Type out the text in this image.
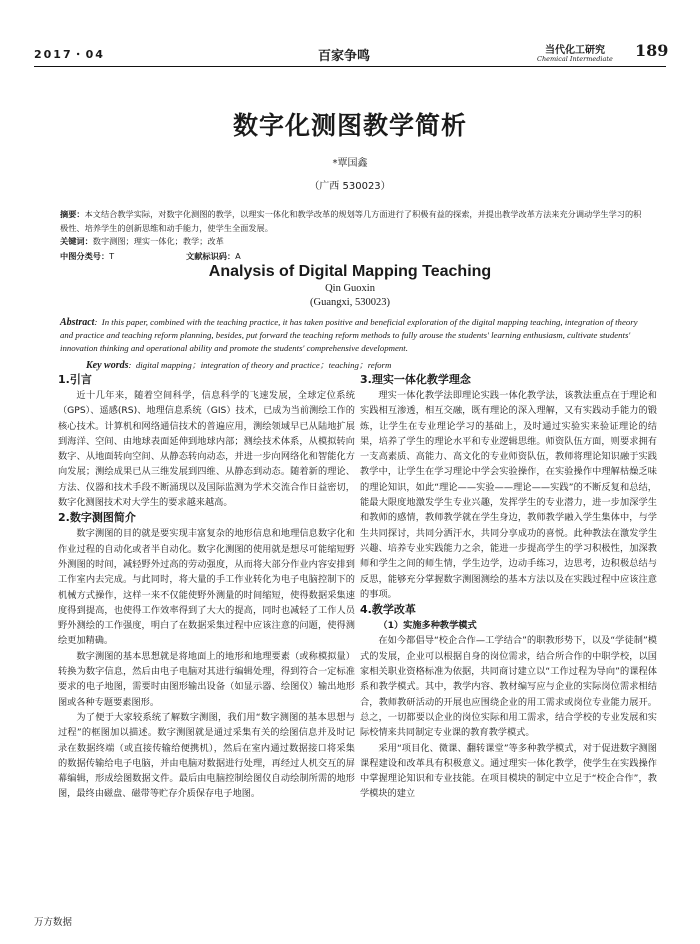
2017・04	百家争鸣	当代化工研究
Chemical Intermediate 189
数字化测图教学简析
*覃国鑫
（广西 530023）
摘要：本文结合教学实际，对数字化测图的教学，以理实一体化和教学改革的规划等几方面进行了积极有益的探索，并提出教学改革方法来充分调动学生学习的积极性、培养学生的创新思维和动手能力，使学生全面发展。
关键词：数字测图；理实一体化；教学；改革
中图分类号：T	文献标识码：A
Analysis of Digital Mapping Teaching
Qin Guoxin
(Guangxi, 530023)
Abstract:  In this paper, combined with the teaching practice, it has taken positive and beneficial exploration of the digital mapping teaching, integration of theory and practice and teaching reform planning, besides, put forward the teaching reform methods to fully arouse the students' learning enthusiasm, cultivate students' innovation thinking and operational ability and promote the students' comprehensive development.
Key words:  digital mapping；integration of theory and practice；teaching；reform
1.引言

近十几年来，随着空间科学，信息科学的飞速发展，全球定位系统（GPS）、遥感(RS)、地理信息系统（GIS）技术，已成为当前测绘工作的核心技术。计算机和网络通信技术的普遍应用，测绘领域早已从陆地扩展到海洋、空间、由地球表面延伸到地球内部；测绘技术体系，从模拟转向数字、从地面转向空间、从静态转向动态，并进一步向网络化和智能化方向发展；测绘成果已从三维发展到四维、从静态到动态。随着新的理论、方法、仪器和技术手段不断涌现以及国际监测为学术交流合作日益密切，数字化测图技术对大学生的要求越来越高。

2.数字测图简介

数字测图的目的就是要实现丰富复杂的地形信息和地理信息数字化和作业过程的自动化或者半自动化。数字化测图的使用就是想尽可能缩短野外测图的时间，减轻野外过高的劳动强度，从而将大部分作业内容安排到工作室内去完成。与此同时，将大量的手工作业转化为电子电脑控制下的机械方式操作，这样一来不仅能使野外测量的时间缩短，使得数据采集速度得到提高，也使得工作效率得到了大大的提高，同时也减轻了工作人员野外测绘的工作强度，明白了在数据采集过程中应该注意的问题，使得测绘更加精确。

数字测图的基本思想就是将地面上的地形和地理要素（或称模拟量）转换为数字信息，然后由电子电脑对其进行编辑处理，得到符合一定标准要求的电子地图，需要时由图形输出设备（如显示器、绘图仪）输出地形图或各种专题要素图形。

为了便于大家较系统了解数字测图，我们用“数字测图的基本思想与过程”的框图加以描述。数字测图就是通过采集有关的绘图信息并及时记录在数据终端（或直接传输给便携机），然后在室内通过数据接口将采集的数据传输给电子电脑，并由电脑对数据进行处理，再经过人机交互的屏幕编辑，形成绘图数据文件。最后由电脑控制绘图仪自动绘制所需的地形图，最终由磁盘、磁带等贮存介质保存电子地图。

3.理实一体化教学理念

理实一体化教学法即理论实践一体化教学法，该教法重点在于理论和实践相互渗透，相互交融，既有理论的深入理解，又有实践动手能力的锻炼，让学生在专业理论学习的基础上，及时通过实验实来验证理论的结果，培养了学生的理论水平和专业逻辑思维。师资队伍方面，则要求拥有一支高素质、高能力、高文化的专业师资队伍，教师将理论知识融于实践教学中，让学生在学习理论中学会实验操作，在实验操作中理解枯燥乏味的理论知识，如此“理论——实验——理论——实践”的不断反复和总结，能最大限度地激发学生专业兴趣，发挥学生的专业潜力，进一步加深学生和教师的感情，教师教学就在学生身边，教师教学融入学生集体中，与学生共同探讨，共同分洒汗水，共同分享成功的喜悦。此种教法在激发学生兴趣、培养专业实践能力之余，能进一步提高学生的学习积极性，加深教师和学生之间的师生情，学生边学，边动手练习，边思考，边积极总结与反思，能够充分掌握数字测图测绘的基本方法以及在实践过程中应该注意的事项。

4.教学改革
（1）实施多种教学模式

在如今都倡导“校企合作—工学结合”的职教形势下，以及“学徒制”模式的发展，企业可以根据自身的岗位需求，结合所合作的中职学校，以国家相关职业资格标准为依据，共同商讨建立以“工作过程为导向”的课程体系和教学模式。其中，教学内容、教材编写应与企业的实际岗位需求相结合，教师教研活动的开展也应围绕企业的用工需求或岗位专业能力展开。总之，一切都要以企业的岗位实际和用工需求，结合学校的专业发展和实际校情来共同制定专业课的教育教学模式。

采用“项目化、微课、翻转课堂”等多种教学模式，对于促进数字测图课程建设和改革具有积极意义。通过理实一体化教学，使学生在实践操作中掌握理论知识和专业技能。在项目模块的制定中立足于“校企合作”，教学模块的建立

万方数据
